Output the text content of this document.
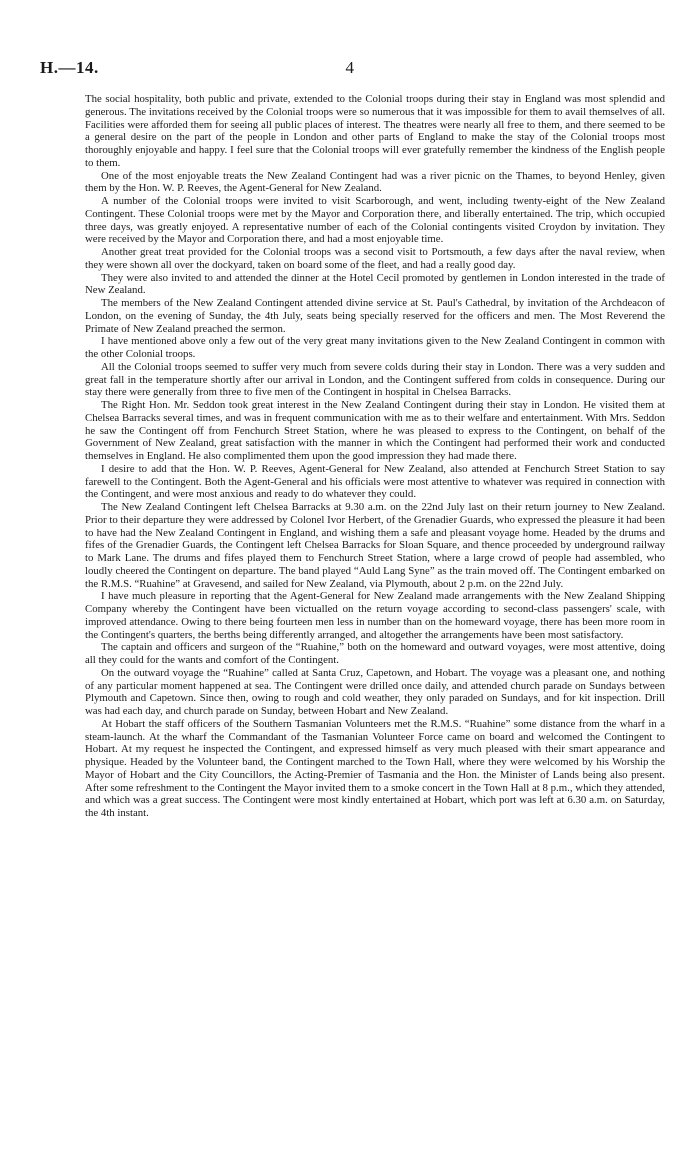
H.—14.	4

The social hospitality, both public and private, extended to the Colonial troops during their stay in England was most splendid and generous. The invitations received by the Colonial troops were so numerous that it was impossible for them to avail themselves of all. Facilities were afforded them for seeing all public places of interest. The theatres were nearly all free to them, and there seemed to be a general desire on the part of the people in London and other parts of England to make the stay of the Colonial troops most thoroughly enjoyable and happy. I feel sure that the Colonial troops will ever gratefully remember the kindness of the English people to them.

One of the most enjoyable treats the New Zealand Contingent had was a river picnic on the Thames, to beyond Henley, given them by the Hon. W. P. Reeves, the Agent-General for New Zealand.

A number of the Colonial troops were invited to visit Scarborough, and went, including twenty-eight of the New Zealand Contingent. These Colonial troops were met by the Mayor and Corporation there, and liberally entertained. The trip, which occupied three days, was greatly enjoyed. A representative number of each of the Colonial contingents visited Croydon by invitation. They were received by the Mayor and Corporation there, and had a most enjoyable time.

Another great treat provided for the Colonial troops was a second visit to Portsmouth, a few days after the naval review, when they were shown all over the dockyard, taken on board some of the fleet, and had a really good day.

They were also invited to and attended the dinner at the Hotel Cecil promoted by gentlemen in London interested in the trade of New Zealand.

The members of the New Zealand Contingent attended divine service at St. Paul's Cathedral, by invitation of the Archdeacon of London, on the evening of Sunday, the 4th July, seats being specially reserved for the officers and men. The Most Reverend the Primate of New Zealand preached the sermon.

I have mentioned above only a few out of the very great many invitations given to the New Zealand Contingent in common with the other Colonial troops.

All the Colonial troops seemed to suffer very much from severe colds during their stay in London. There was a very sudden and great fall in the temperature shortly after our arrival in London, and the Contingent suffered from colds in consequence. During our stay there were generally from three to five men of the Contingent in hospital in Chelsea Barracks.

The Right Hon. Mr. Seddon took great interest in the New Zealand Contingent during their stay in London. He visited them at Chelsea Barracks several times, and was in frequent communication with me as to their welfare and entertainment. With Mrs. Seddon he saw the Contingent off from Fenchurch Street Station, where he was pleased to express to the Contingent, on behalf of the Government of New Zealand, great satisfaction with the manner in which the Contingent had performed their work and conducted themselves in England. He also complimented them upon the good impression they had made there.

I desire to add that the Hon. W. P. Reeves, Agent-General for New Zealand, also attended at Fenchurch Street Station to say farewell to the Contingent. Both the Agent-General and his officials were most attentive to whatever was required in connection with the Contingent, and were most anxious and ready to do whatever they could.

The New Zealand Contingent left Chelsea Barracks at 9.30 a.m. on the 22nd July last on their return journey to New Zealand. Prior to their departure they were addressed by Colonel Ivor Herbert, of the Grenadier Guards, who expressed the pleasure it had been to have had the New Zealand Contingent in England, and wishing them a safe and pleasant voyage home. Headed by the drums and fifes of the Grenadier Guards, the Contingent left Chelsea Barracks for Sloan Square, and thence proceeded by underground railway to Mark Lane. The drums and fifes played them to Fenchurch Street Station, where a large crowd of people had assembled, who loudly cheered the Contingent on departure. The band played “Auld Lang Syne” as the train moved off. The Contingent embarked on the R.M.S. “Ruahine” at Gravesend, and sailed for New Zealand, via Plymouth, about 2 p.m. on the 22nd July.

I have much pleasure in reporting that the Agent-General for New Zealand made arrangements with the New Zealand Shipping Company whereby the Contingent have been victualled on the return voyage according to second-class passengers' scale, with improved attendance. Owing to there being fourteen men less in number than on the homeward voyage, there has been more room in the Contingent's quarters, the berths being differently arranged, and altogether the arrangements have been most satisfactory.

The captain and officers and surgeon of the “Ruahine,” both on the homeward and outward voyages, were most attentive, doing all they could for the wants and comfort of the Contingent.

On the outward voyage the “Ruahine” called at Santa Cruz, Capetown, and Hobart. The voyage was a pleasant one, and nothing of any particular moment happened at sea. The Contingent were drilled once daily, and attended church parade on Sundays between Plymouth and Capetown. Since then, owing to rough and cold weather, they only paraded on Sundays, and for kit inspection. Drill was had each day, and church parade on Sunday, between Hobart and New Zealand.

At Hobart the staff officers of the Southern Tasmanian Volunteers met the R.M.S. “Ruahine” some distance from the wharf in a steam-launch. At the wharf the Commandant of the Tasmanian Volunteer Force came on board and welcomed the Contingent to Hobart. At my request he inspected the Contingent, and expressed himself as very much pleased with their smart appearance and physique. Headed by the Volunteer band, the Contingent marched to the Town Hall, where they were welcomed by his Worship the Mayor of Hobart and the City Councillors, the Acting-Premier of Tasmania and the Hon. the Minister of Lands being also present. After some refreshment to the Contingent the Mayor invited them to a smoke concert in the Town Hall at 8 p.m., which they attended, and which was a great success. The Contingent were most kindly entertained at Hobart, which port was left at 6.30 a.m. on Saturday, the 4th instant.
